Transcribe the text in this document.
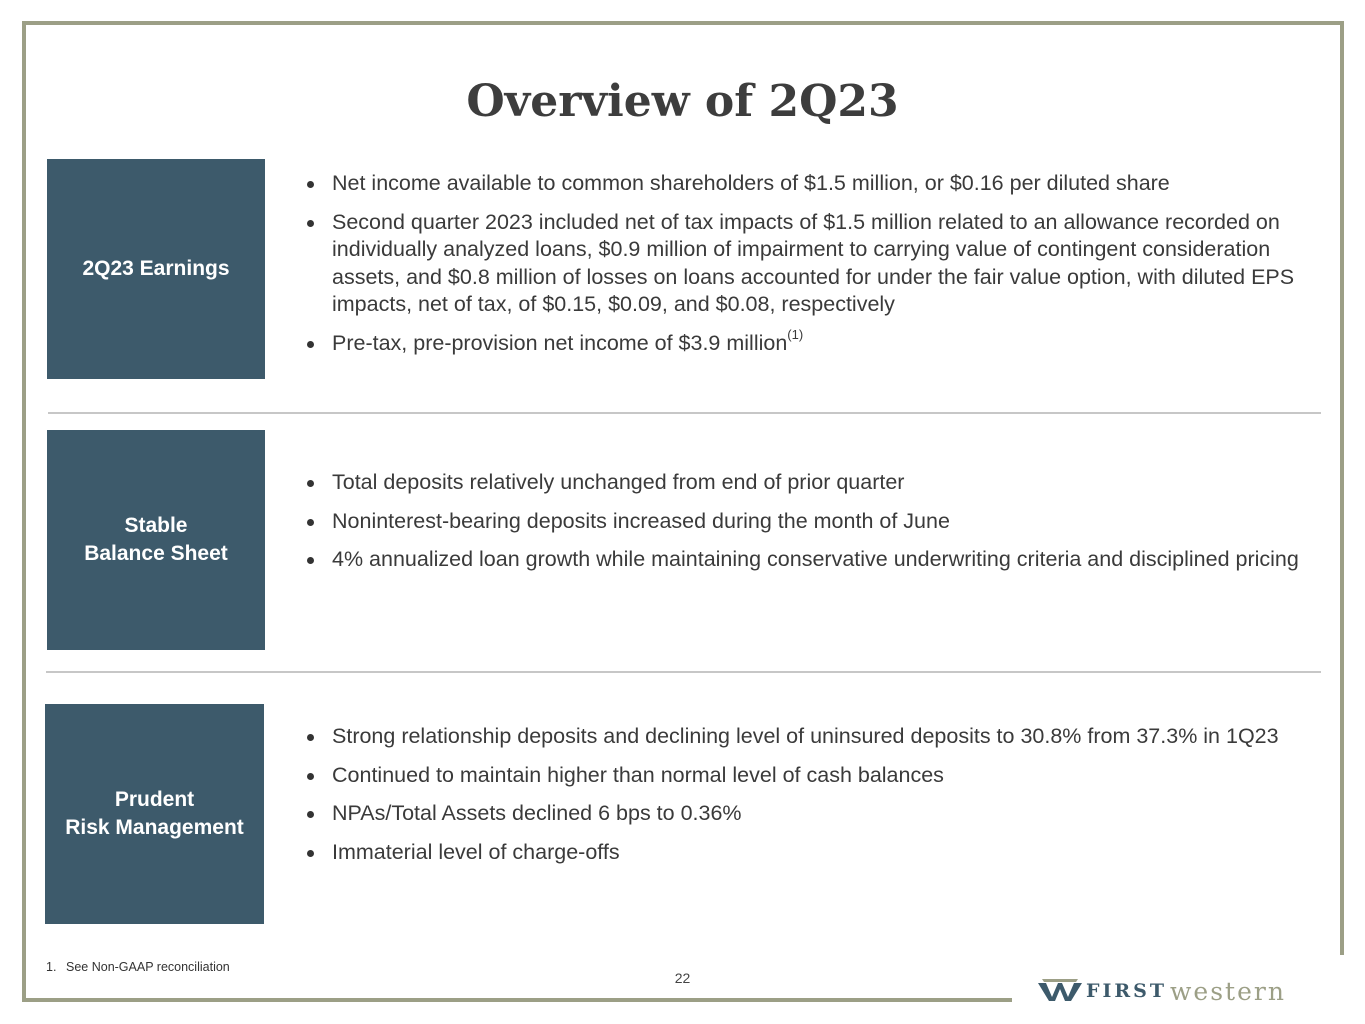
Overview of 2Q23
2Q23 Earnings
Net income available to common shareholders of $1.5 million, or $0.16 per diluted share
Second quarter 2023 included net of tax impacts of $1.5 million related to an allowance recorded on individually analyzed loans, $0.9 million of impairment to carrying value of contingent consideration assets, and $0.8 million of losses on loans accounted for under the fair value option, with diluted EPS impacts, net of tax, of $0.15, $0.09, and $0.08, respectively
Pre-tax, pre-provision net income of $3.9 million$^{(1)}$
Stable
Balance Sheet
Total deposits relatively unchanged from end of prior quarter
Noninterest-bearing deposits increased during the month of June
4% annualized loan growth while maintaining conservative underwriting criteria and disciplined pricing
Prudent
Risk Management
Strong relationship deposits and declining level of uninsured deposits to 30.8% from 37.3% in 1Q23
Continued to maintain higher than normal level of cash balances
NPAs/Total Assets declined 6 bps to 0.36%
Immaterial level of charge-offs
1. See Non-GAAP reconciliation
22
FIRST western
